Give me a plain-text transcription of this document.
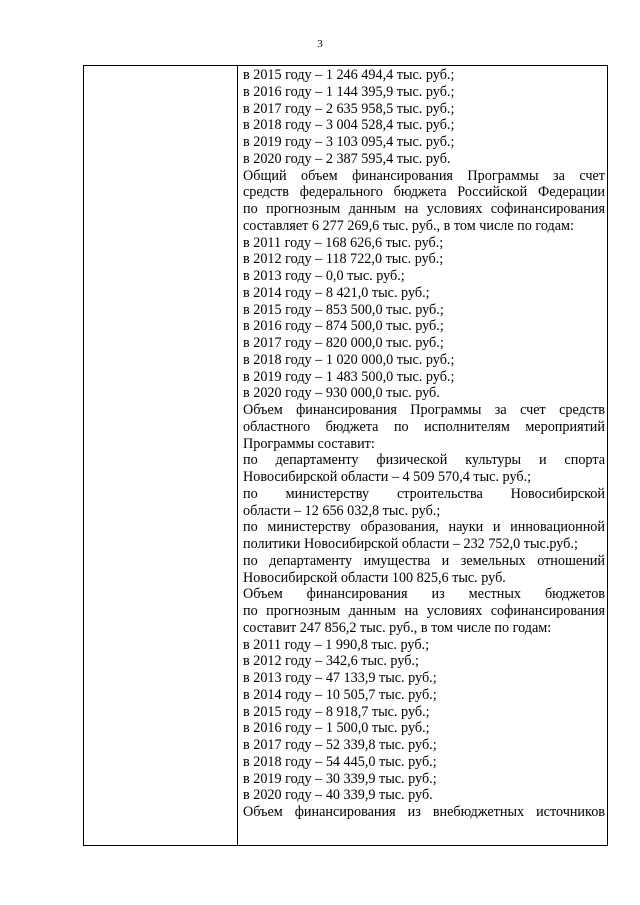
3
в 2015 году – 1 246 494,4 тыс. руб.;
в 2016 году – 1 144 395,9 тыс. руб.;
в 2017 году – 2 635 958,5 тыс. руб.;
в 2018 году – 3 004 528,4 тыс. руб.;
в 2019 году – 3 103 095,4 тыс. руб.;
в 2020 году – 2 387 595,4 тыс. руб.
Общий объем финансирования Программы за счет
средств федерального бюджета Российской Федерации
по прогнозным данным на условиях софинансирования
составляет 6 277 269,6 тыс. руб., в том числе по годам:
в 2011 году – 168 626,6 тыс. руб.;
в 2012 году – 118 722,0 тыс. руб.;
в 2013 году – 0,0 тыс. руб.;
в 2014 году – 8 421,0 тыс. руб.;
в 2015 году – 853 500,0 тыс. руб.;
в 2016 году – 874 500,0 тыс. руб.;
в 2017 году – 820 000,0 тыс. руб.;
в 2018 году – 1 020 000,0 тыс. руб.;
в 2019 году – 1 483 500,0 тыс. руб.;
в 2020 году – 930 000,0 тыс. руб.
Объем финансирования Программы за счет средств
областного бюджета по исполнителям мероприятий
Программы составит:
по департаменту физической культуры и спорта
Новосибирской области – 4 509 570,4 тыс. руб.;
по министерству строительства Новосибирской
области – 12 656 032,8 тыс. руб.;
по министерству образования, науки и инновационной
политики Новосибирской области – 232 752,0 тыс.руб.;
по департаменту имущества и земельных отношений
Новосибирской области 100 825,6 тыс. руб.
Объем финансирования из местных бюджетов
по прогнозным данным на условиях софинансирования
составит 247 856,2 тыс. руб., в том числе по годам:
в 2011 году – 1 990,8 тыс. руб.;
в 2012 году – 342,6 тыс. руб.;
в 2013 году – 47 133,9 тыс. руб.;
в 2014 году – 10 505,7 тыс. руб.;
в 2015 году – 8 918,7 тыс. руб.;
в 2016 году – 1 500,0 тыс. руб.;
в 2017 году – 52 339,8 тыс. руб.;
в 2018 году – 54 445,0 тыс. руб.;
в 2019 году – 30 339,9 тыс. руб.;
в 2020 году – 40 339,9 тыс. руб.
Объем финансирования из внебюджетных источников
